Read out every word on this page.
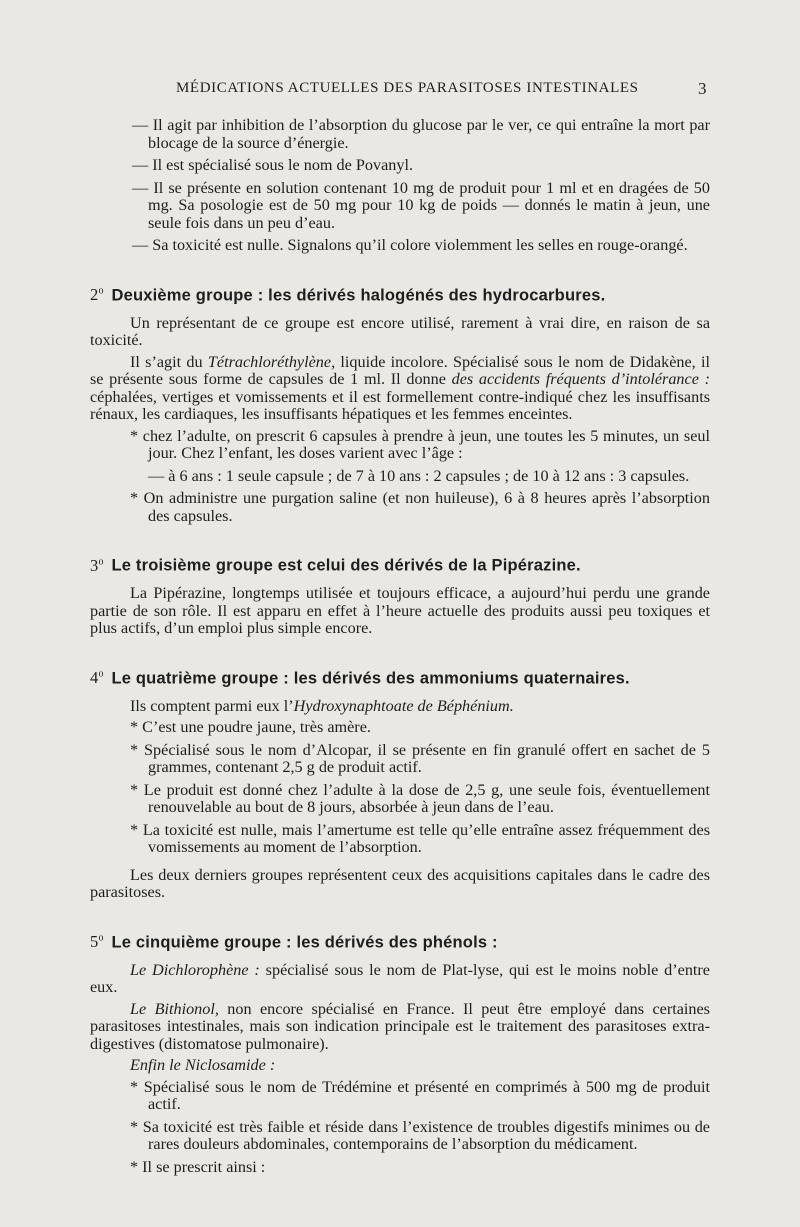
MÉDICATIONS ACTUELLES DES PARASITOSES INTESTINALES	3

— Il agit par inhibition de l’absorption du glucose par le ver, ce qui entraîne la mort par blocage de la source d’énergie.

— Il est spécialisé sous le nom de Povanyl.

— Il se présente en solution contenant 10 mg de produit pour 1 ml et en dragées de 50 mg. Sa posologie est de 50 mg pour 10 kg de poids — donnés le matin à jeun, une seule fois dans un peu d’eau.

— Sa toxicité est nulle. Signalons qu’il colore violemment les selles en rouge-orangé.

2$^o$ Deuxième groupe : les dérivés halogénés des hydrocarbures.

Un représentant de ce groupe est encore utilisé, rarement à vrai dire, en raison de sa toxicité.

Il s’agit du Tétrachloréthylène, liquide incolore. Spécialisé sous le nom de Didakène, il se présente sous forme de capsules de 1 ml. Il donne des accidents fréquents d’intolérance : céphalées, vertiges et vomissements et il est formellement contre-indiqué chez les insuffisants rénaux, les cardiaques, les insuffisants hépatiques et les femmes enceintes.

* chez l’adulte, on prescrit 6 capsules à prendre à jeun, une toutes les 5 minutes, un seul jour. Chez l’enfant, les doses varient avec l’âge :

— à 6 ans : 1 seule capsule ; de 7 à 10 ans : 2 capsules ; de 10 à 12 ans : 3 capsules.

* On administre une purgation saline (et non huileuse), 6 à 8 heures après l’absorption des capsules.

3$^o$ Le troisième groupe est celui des dérivés de la Pipérazine.

La Pipérazine, longtemps utilisée et toujours efficace, a aujourd’hui perdu une grande partie de son rôle. Il est apparu en effet à l’heure actuelle des produits aussi peu toxiques et plus actifs, d’un emploi plus simple encore.

4$^o$ Le quatrième groupe : les dérivés des ammoniums quaternaires.

Ils comptent parmi eux l’Hydroxynaphtoate de Béphénium.

* C’est une poudre jaune, très amère.

* Spécialisé sous le nom d’Alcopar, il se présente en fin granulé offert en sachet de 5 grammes, contenant 2,5 g de produit actif.

* Le produit est donné chez l’adulte à la dose de 2,5 g, une seule fois, éventuellement renouvelable au bout de 8 jours, absorbée à jeun dans de l’eau.

* La toxicité est nulle, mais l’amertume est telle qu’elle entraîne assez fréquemment des vomissements au moment de l’absorption.

Les deux derniers groupes représentent ceux des acquisitions capitales dans le cadre des parasitoses.

5$^o$ Le cinquième groupe : les dérivés des phénols :

Le Dichlorophène : spécialisé sous le nom de Plat-lyse, qui est le moins noble d’entre eux.

Le Bithionol, non encore spécialisé en France. Il peut être employé dans certaines parasitoses intestinales, mais son indication principale est le traitement des parasitoses extra-digestives (distomatose pulmonaire).

Enfin le Niclosamide :

* Spécialisé sous le nom de Trédémine et présenté en comprimés à 500 mg de produit actif.

* Sa toxicité est très faible et réside dans l’existence de troubles digestifs minimes ou de rares douleurs abdominales, contemporains de l’absorption du médicament.

* Il se prescrit ainsi :
